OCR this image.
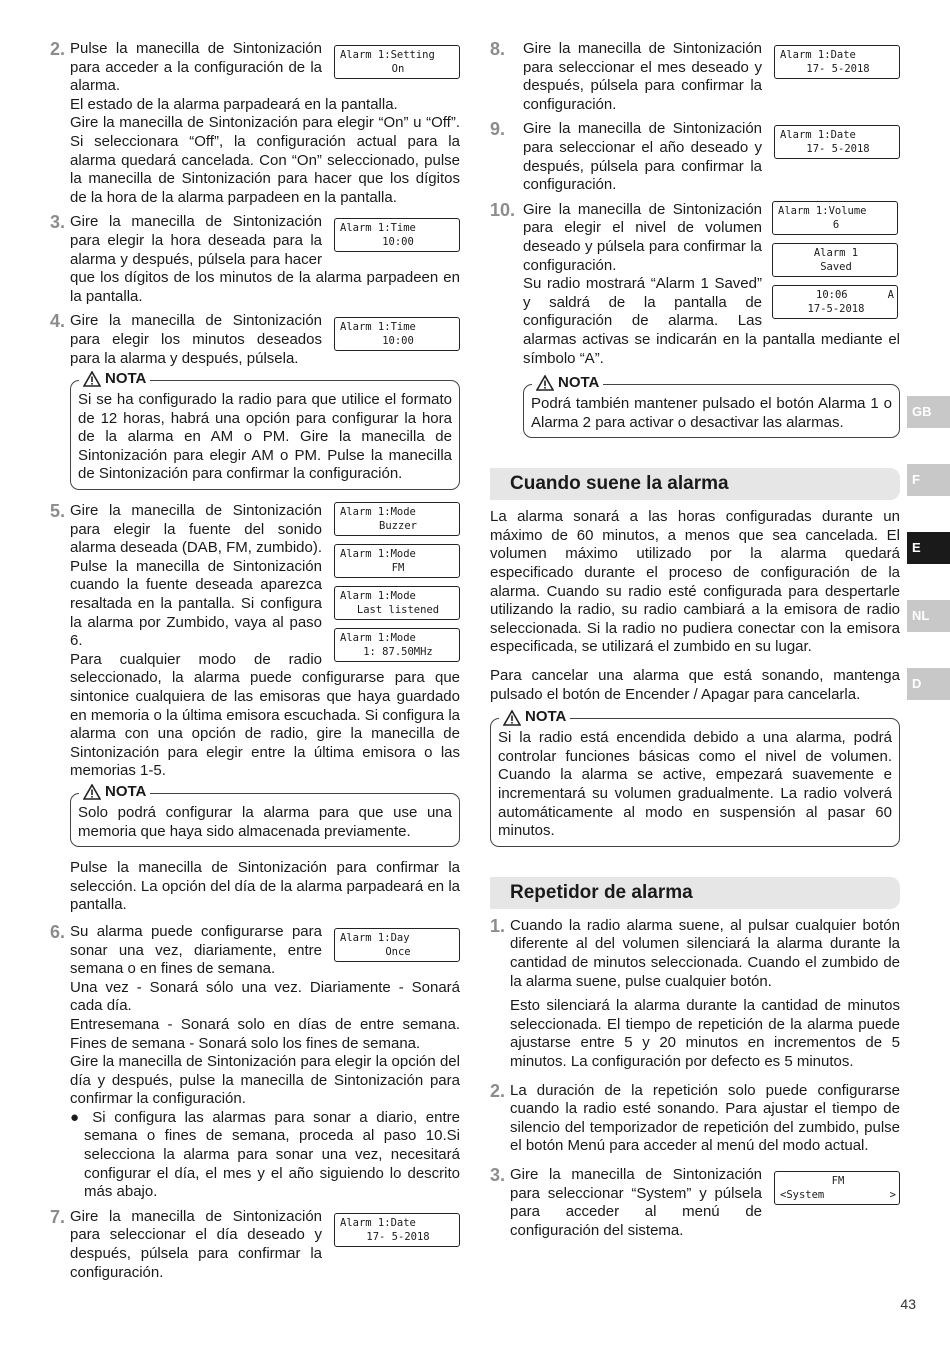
2.	Alarm 1:Setting
On

Pulse la manecilla de Sintonización para acceder a la configuración de la alarma.

El estado de la alarma parpadeará en la pantalla.

Gire la manecilla de Sintonización para elegir “On” u “Off”. Si seleccionara “Off”, la configuración actual para la alarma quedará cancelada. Con “On” seleccionado, pulse la manecilla de Sintonización para hacer que los dígitos de la hora de la alarma parpadeen en la pantalla.

3.	Alarm 1:Time
10:00

Gire la manecilla de Sintonización para elegir la hora deseada para la alarma y después, púlsela para hacer que los dígitos de los minutos de la alarma parpadeen en la pantalla.

4.	Alarm 1:Time
10:00

Gire la manecilla de Sintonización para elegir los minutos deseados para la alarma y después, púlsela.

NOTA
Si se ha configurado la radio para que utilice el formato de 12 horas, habrá una opción para configurar la hora de la alarma en AM o PM. Gire la manecilla de Sintonización para elegir AM o PM. Pulse la manecilla de Sintonización para confirmar la configuración.
5.	Alarm 1:Mode
Buzzer
Alarm 1:Mode
FM
Alarm 1:Mode
Last listened
Alarm 1:Mode
1: 87.50MHz

Gire la manecilla de Sintonización para elegir la fuente del sonido alarma deseada (DAB, FM, zumbido). Pulse la manecilla de Sintonización cuando la fuente deseada aparezca resaltada en la pantalla. Si configura la alarma por Zumbido, vaya al paso 6.

Para cualquier modo de radio seleccionado, la alarma puede configurarse para que sintonice cualquiera de las emisoras que haya guardado en memoria o la última emisora escuchada. Si configura la alarma con una opción de radio, gire la manecilla de Sintonización para elegir entre la última emisora o las memorias 1-5.

NOTA
Solo podrá configurar la alarma para que use una memoria que haya sido almacenada previamente.
Pulse la manecilla de Sintonización para confirmar la selección. La opción del día de la alarma parpadeará en la pantalla.
6.	Alarm 1:Day
Once

Su alarma puede configurarse para sonar una vez, diariamente, entre semana o en fines de semana.

Una vez - Sonará sólo una vez. Diariamente - Sonará cada día.

Entresemana - Sonará solo en días de entre semana. Fines de semana - Sonará solo los fines de semana.

Gire la manecilla de Sintonización para elegir la opción del día y después, pulse la manecilla de Sintonización para confirmar la configuración.

● Si configura las alarmas para sonar a diario, entre semana o fines de semana, proceda al paso 10.Si selecciona la alarma para sonar una vez, necesitará configurar el día, el mes y el año siguiendo lo descrito más abajo.

7.	Alarm 1:Date
17- 5-2018

Gire la manecilla de Sintonización para seleccionar el día deseado y después, púlsela para confirmar la configuración.

8.	Alarm 1:Date
17- 5-2018

Gire la manecilla de Sintonización para seleccionar el mes deseado y después, púlsela para confirmar la configuración.

9.	Alarm 1:Date
17- 5-2018

Gire la manecilla de Sintonización para seleccionar el año deseado y después, púlsela para confirmar la configuración.

10.	Alarm 1:Volume
6
Alarm 1
Saved
10:06	A
17-5-2018

Gire la manecilla de Sintonización para elegir el nivel de volumen deseado y púlsela para confirmar la configuración.

Su radio mostrará “Alarm 1 Saved” y saldrá de la pantalla de configuración de alarma. Las alarmas activas se indicarán en la pantalla mediante el símbolo “A”.

NOTA
Podrá también mantener pulsado el botón Alarma 1 o Alarma 2 para activar o desactivar las alarmas.
Cuando suene la alarma
La alarma sonará a las horas configuradas durante un máximo de 60 minutos, a menos que sea cancelada. El volumen máximo utilizado por la alarma quedará especificado durante el proceso de configuración de la alarma. Cuando su radio esté configurada para despertarle utilizando la radio, su radio cambiará a la emisora de radio seleccionada. Si la radio no pudiera conectar con la emisora especificada, se utilizará el zumbido en su lugar.
Para cancelar una alarma que está sonando, mantenga pulsado el botón de Encender / Apagar para cancelarla.
NOTA
Si la radio está encendida debido a una alarma, podrá controlar funciones básicas como el nivel de volumen. Cuando la alarma se active, empezará suavemente e incrementará su volumen gradualmente. La radio volverá automáticamente al modo en suspensión al pasar 60 minutos.
Repetidor de alarma
1. Cuando la radio alarma suene, al pulsar cualquier botón diferente al del volumen silenciará la alarma durante la cantidad de minutos seleccionada. Cuando el zumbido de la alarma suene, pulse cualquier botón.

Esto silenciará la alarma durante la cantidad de minutos seleccionada. El tiempo de repetición de la alarma puede ajustarse entre 5 y 20 minutos en incrementos de 5 minutos. La configuración por defecto es 5 minutos.

2. La duración de la repetición solo puede configurarse cuando la radio esté sonando. Para ajustar el tiempo de silencio del temporizador de repetición del zumbido, pulse el botón Menú para acceder al menú del modo actual.

3.	FM
<System	>

Gire la manecilla de Sintonización para seleccionar “System” y púlsela para acceder al menú de configuración del sistema.

GB
F
E
NL
D
43
